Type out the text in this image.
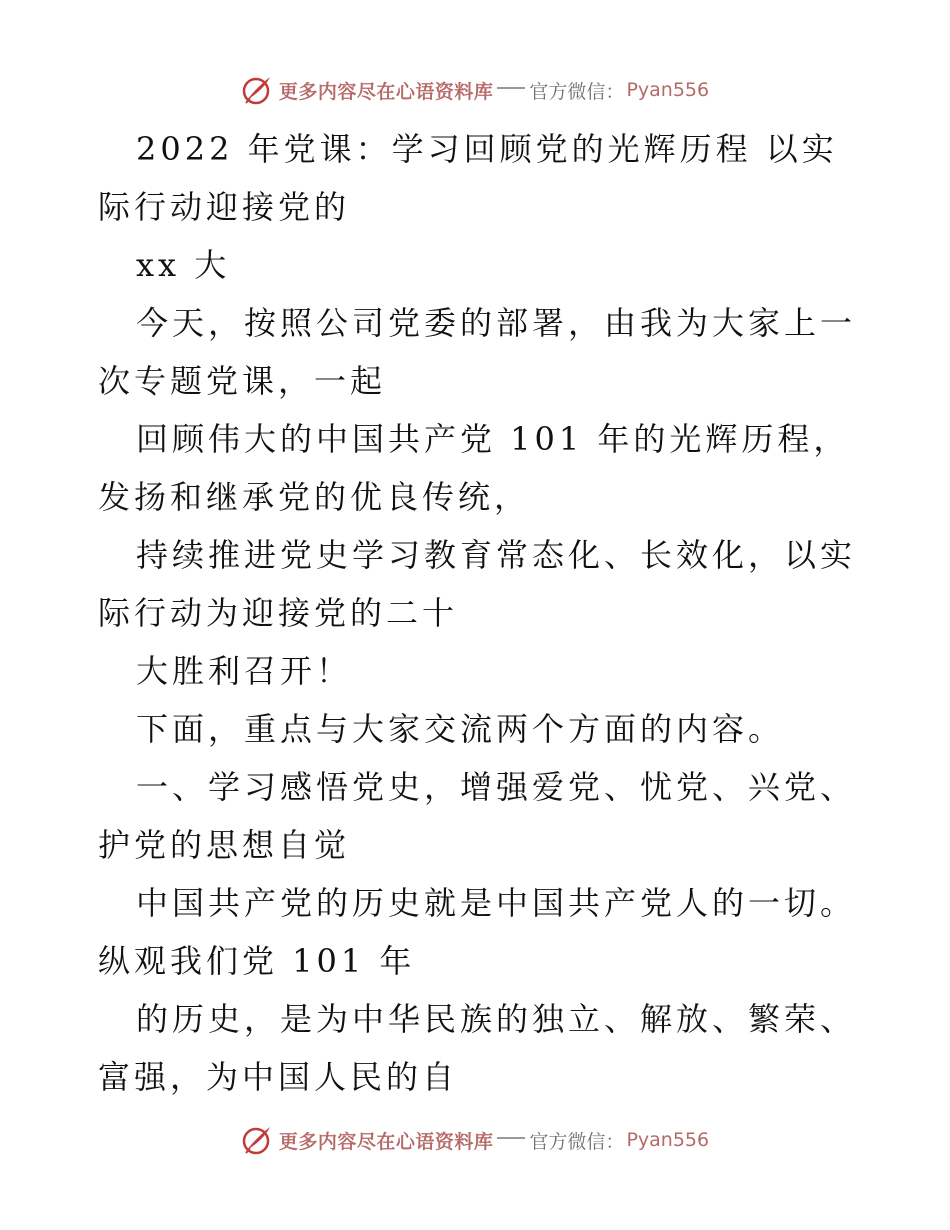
更多内容尽在心语资料库 官方微信： Pyan556

2022 年党课：学习回顾党的光辉历程 以实际行动迎接党的

xx 大

今天，按照公司党委的部署，由我为大家上一次专题党课，一起

回顾伟大的中国共产党 101 年的光辉历程，发扬和继承党的优良传统，

持续推进党史学习教育常态化、长效化，以实际行动为迎接党的二十

大胜利召开！

下面，重点与大家交流两个方面的内容。

一、学习感悟党史，增强爱党、忧党、兴党、护党的思想自觉

中国共产党的历史就是中国共产党人的一切。纵观我们党 101 年

的历史，是为中华民族的独立、解放、繁荣、富强，为中国人民的自

更多内容尽在心语资料库 官方微信： Pyan556
